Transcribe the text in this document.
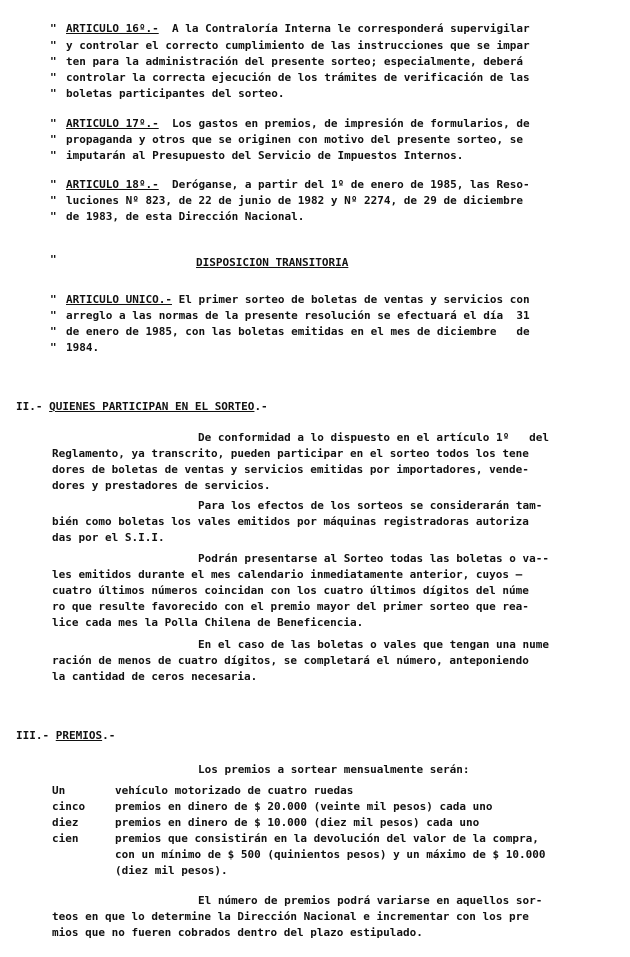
"
"
"
"
"
ARTICULO 16º.- A la Contraloría Interna le corresponderá supervigilar
y controlar el correcto cumplimiento de las instrucciones que se impar
ten para la administración del presente sorteo; especialmente, deberá
controlar la correcta ejecución de los trámites de verificación de las
boletas participantes del sorteo.
"
"
"
ARTICULO 17º.- Los gastos en premios, de impresión de formularios, de
propaganda y otros que se originen con motivo del presente sorteo, se
imputarán al Presupuesto del Servicio de Impuestos Internos.
"
"
"
ARTICULO 18º.- Deróganse, a partir del 1º de enero de 1985, las Reso-
luciones Nº 823, de 22 de junio de 1982 y Nº 2274, de 29 de diciembre
de 1983, de esta Dirección Nacional.
"	DISPOSICION TRANSITORIA
"
"
"
"
ARTICULO UNICO.- El primer sorteo de boletas de ventas y servicios con
arreglo a las normas de la presente resolución se efectuará el día  31
de enero de 1985, con las boletas emitidas en el mes de diciembre   de
1984.
II.- QUIENES PARTICIPAN EN EL SORTEO.-
De conformidad a lo dispuesto en el artículo 1º   del
Reglamento, ya transcrito, pueden participar en el sorteo todos los tene
dores de boletas de ventas y servicios emitidas por importadores, vende-
dores y prestadores de servicios.
Para los efectos de los sorteos se considerarán tam-
bién como boletas los vales emitidos por máquinas registradoras autoriza
das por el S.I.I.
Podrán presentarse al Sorteo todas las boletas o va--
les emitidos durante el mes calendario inmediatamente anterior, cuyos —
cuatro últimos números coincidan con los cuatro últimos dígitos del núme
ro que resulte favorecido con el premio mayor del primer sorteo que rea-
lice cada mes la Polla Chilena de Beneficencia.
En el caso de las boletas o vales que tengan una nume
ración de menos de cuatro dígitos, se completará el número, anteponiendo
la cantidad de ceros necesaria.
III.- PREMIOS.-
Los premios a sortear mensualmente serán:
Un	vehículo motorizado de cuatro ruedas
cinco	premios en dinero de $ 20.000 (veinte mil pesos) cada uno
diez	premios en dinero de $ 10.000 (diez mil pesos) cada uno
cien	premios que consistirán en la devolución del valor de la compra,
con un mínimo de $ 500 (quinientos pesos) y un máximo de $ 10.000
(diez mil pesos).
El número de premios podrá variarse en aquellos sor-
teos en que lo determine la Dirección Nacional e incrementar con los pre
mios que no fueren cobrados dentro del plazo estipulado.
